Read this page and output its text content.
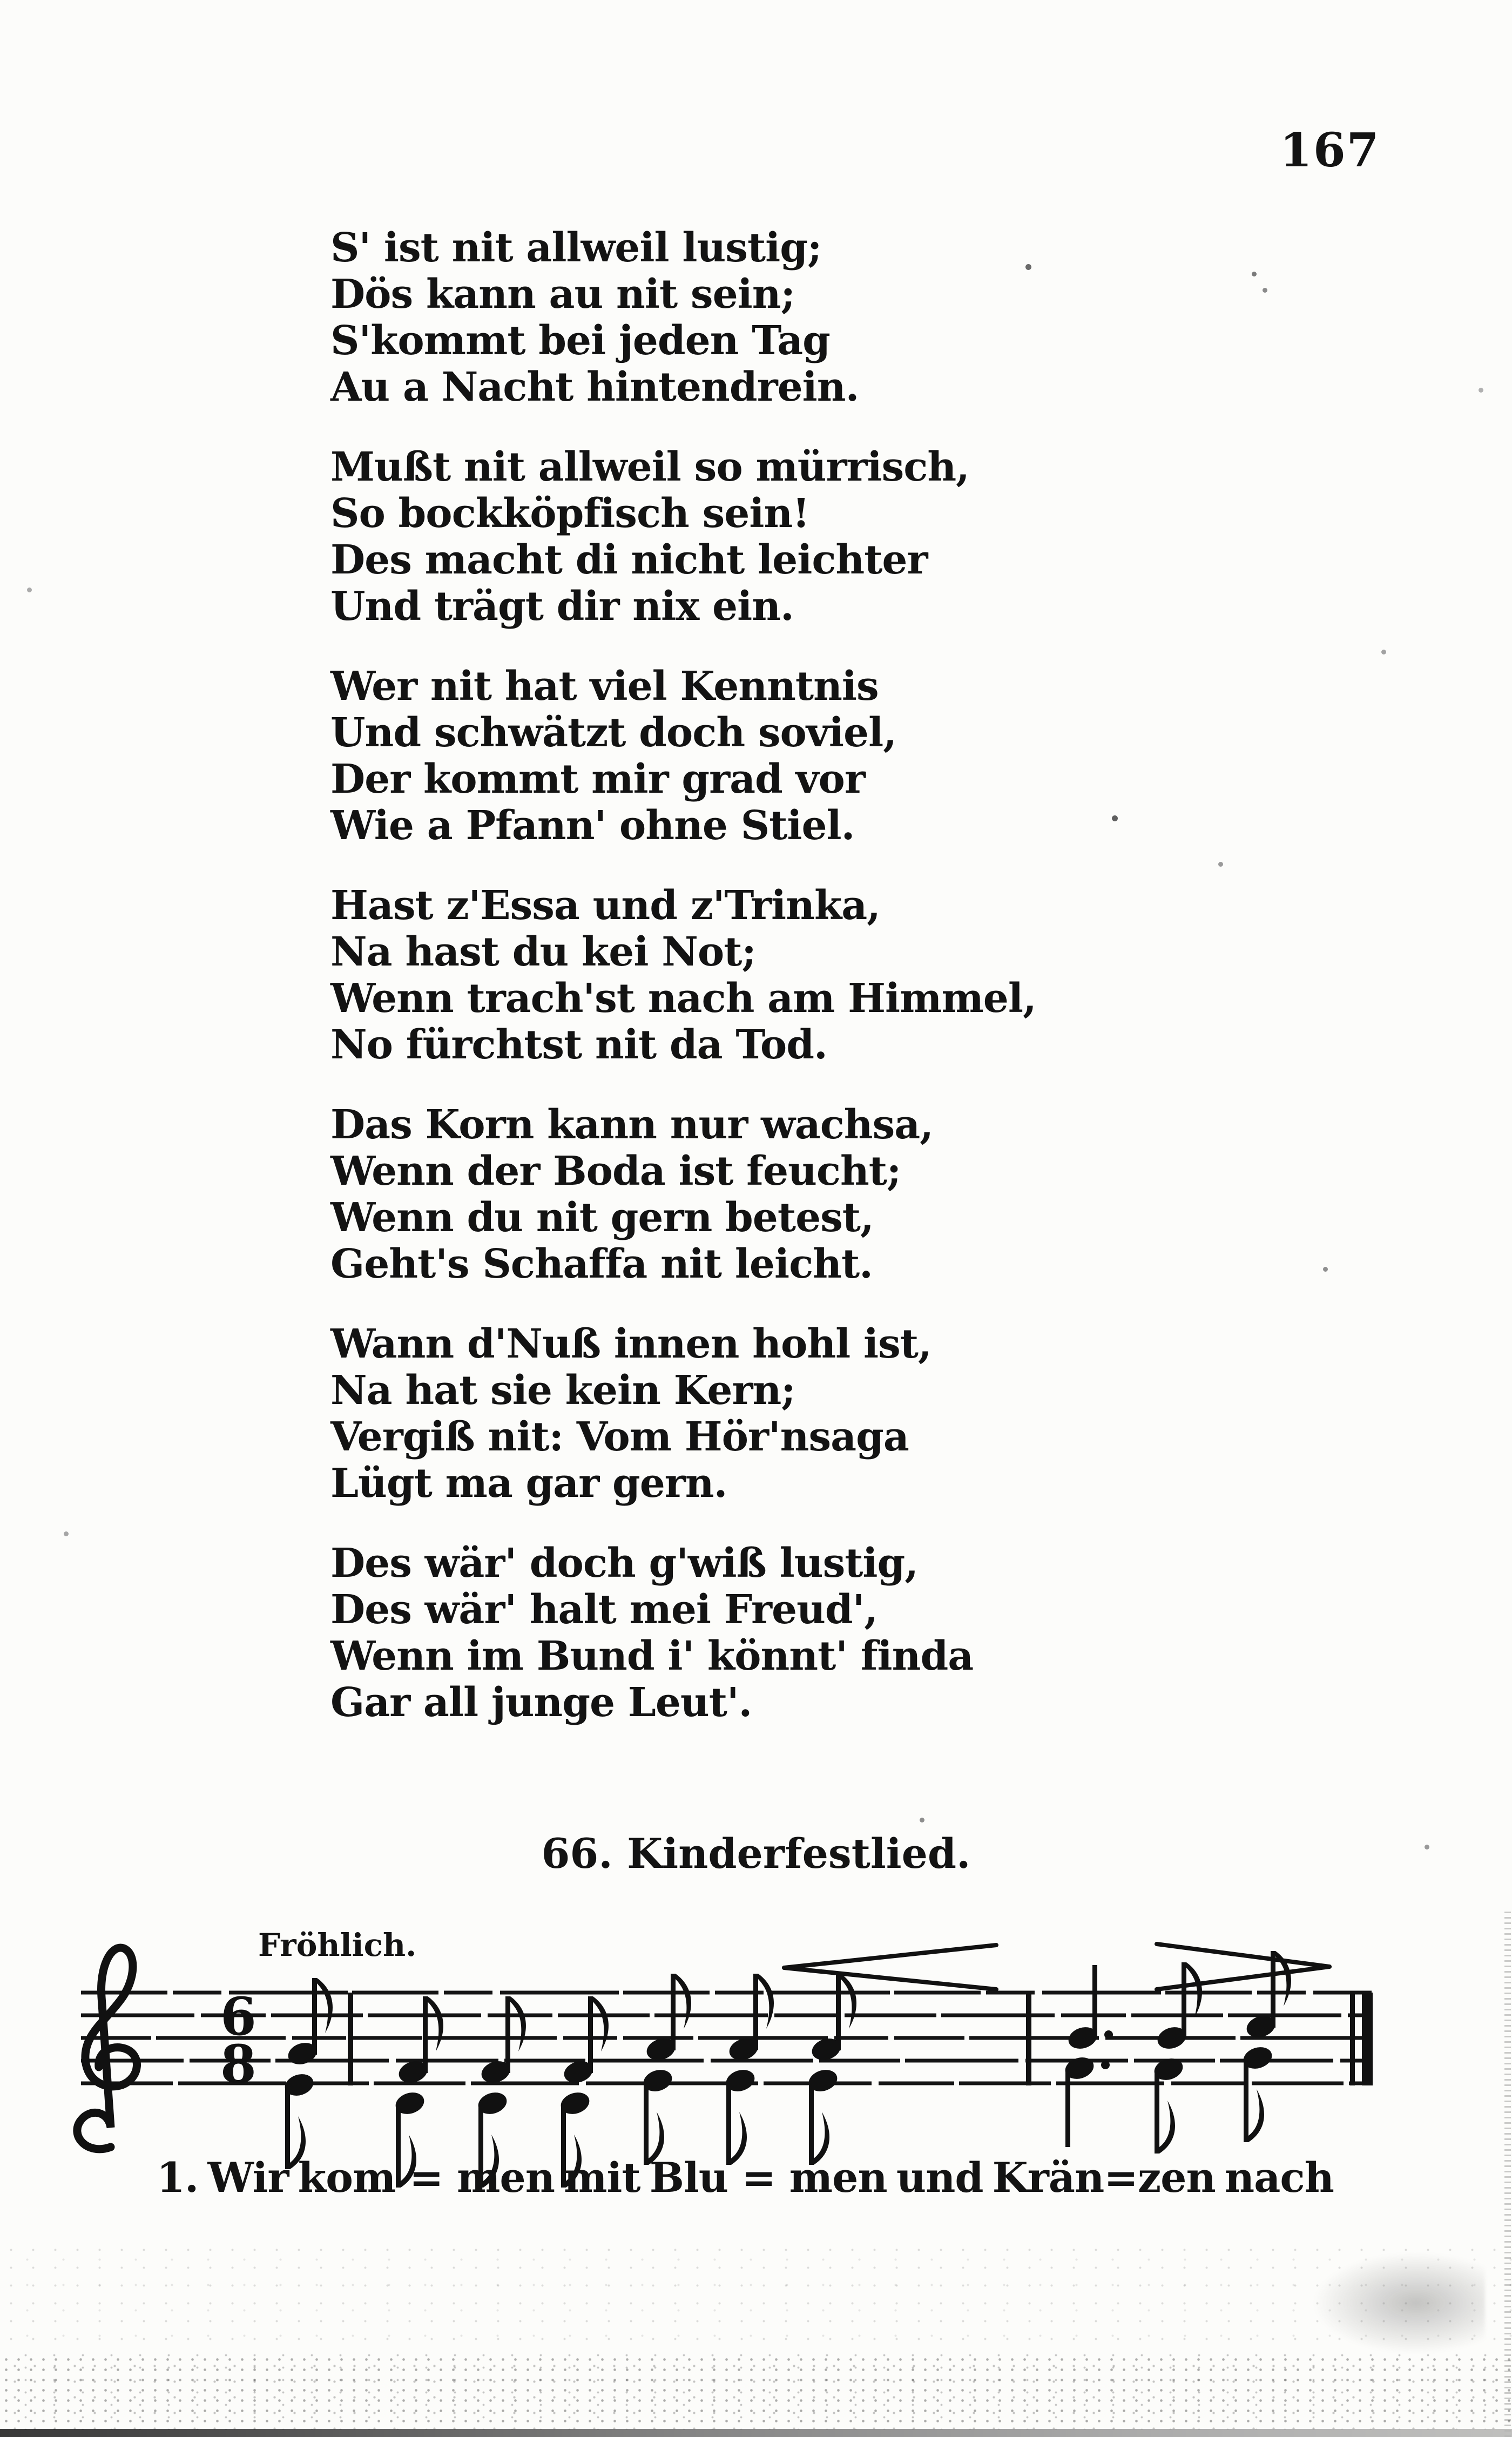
167
S' ist nit allweil lustig;
Dös kann au nit sein;
S'kommt bei jeden Tag
Au a Nacht hintendrein.
Mußt nit allweil so mürrisch,
So bockköpfisch sein!
Des macht di nicht leichter
Und trägt dir nix ein.
Wer nit hat viel Kenntnis
Und schwätzt doch soviel,
Der kommt mir grad vor
Wie a Pfann' ohne Stiel.
Hast z'Essa und z'Trinka,
Na hast du kei Not;
Wenn trach'st nach am Himmel,
No fürchtst nit da Tod.
Das Korn kann nur wachsa,
Wenn der Boda ist feucht;
Wenn du nit gern betest,
Geht's Schaffa nit leicht.
Wann d'Nuß innen hohl ist,
Na hat sie kein Kern;
Vergiß nit: Vom Hör'nsaga
Lügt ma gar gern.
Des wär' doch g'wiß lustig,
Des wär' halt mei Freud',
Wenn im Bund i' könnt' finda
Gar all junge Leut'.
66. Kinderfestlied.
Fröhlich.
6
8
1. Wir kom = men mit Blu = men und Krän=zen nach
